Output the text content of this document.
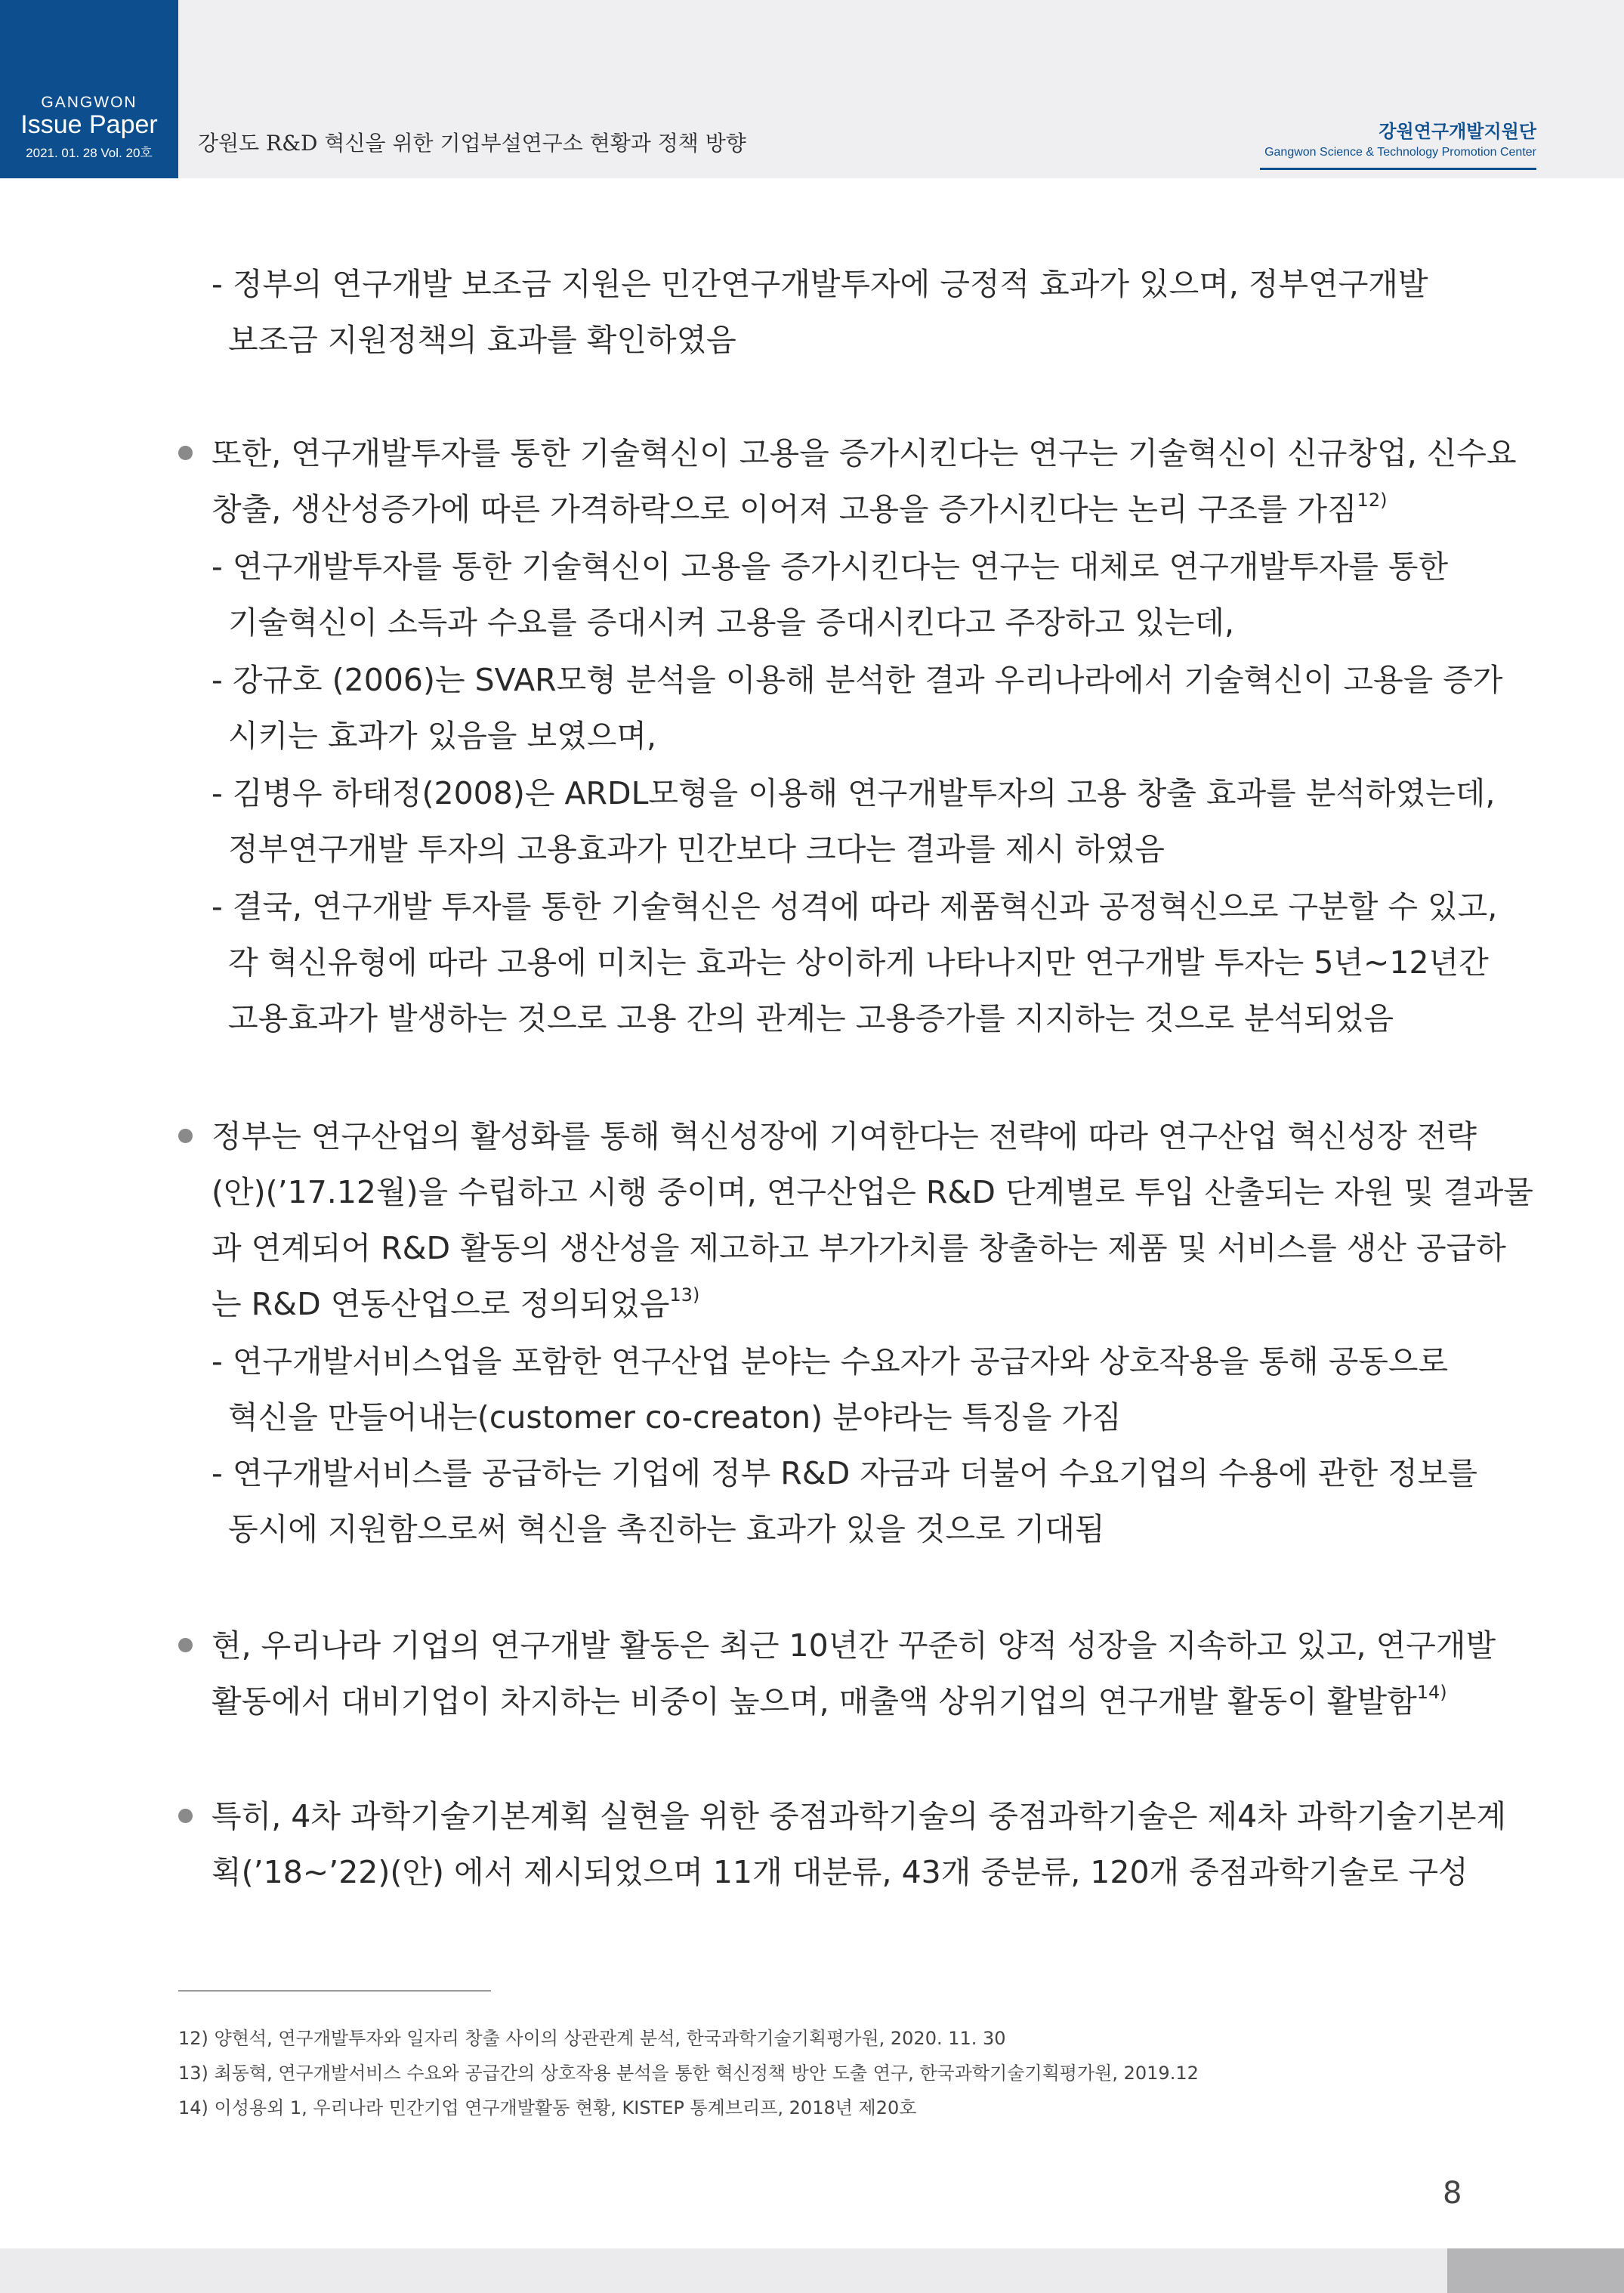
GANGWON
Issue Paper
2021. 01. 28 Vol. 20호	강원도 R&D 혁신을 위한 기업부설연구소 현황과 정책 방향	강원연구개발지원단
Gangwon Science & Technology Promotion Center
- 정부의 연구개발 보조금 지원은 민간연구개발투자에 긍정적 효과가 있으며, 정부연구개발
보조금 지원정책의 효과를 확인하였음
또한, 연구개발투자를 통한 기술혁신이 고용을 증가시킨다는 연구는 기술혁신이 신규창업, 신수요
창출, 생산성증가에 따른 가격하락으로 이어져 고용을 증가시킨다는 논리 구조를 가짐$^{12)}$
- 연구개발투자를 통한 기술혁신이 고용을 증가시킨다는 연구는 대체로 연구개발투자를 통한
기술혁신이 소득과 수요를 증대시켜 고용을 증대시킨다고 주장하고 있는데,
- 강규호 (2006)는 SVAR모형 분석을 이용해 분석한 결과 우리나라에서 기술혁신이 고용을 증가
시키는 효과가 있음을 보였으며,
- 김병우 하태정(2008)은 ARDL모형을 이용해 연구개발투자의 고용 창출 효과를 분석하였는데,
정부연구개발 투자의 고용효과가 민간보다 크다는 결과를 제시 하였음
- 결국, 연구개발 투자를 통한 기술혁신은 성격에 따라 제품혁신과 공정혁신으로 구분할 수 있고,
각 혁신유형에 따라 고용에 미치는 효과는 상이하게 나타나지만 연구개발 투자는 5년~12년간
고용효과가 발생하는 것으로 고용 간의 관계는 고용증가를 지지하는 것으로 분석되었음
정부는 연구산업의 활성화를 통해 혁신성장에 기여한다는 전략에 따라 연구산업 혁신성장 전략
(안)(’17.12월)을 수립하고 시행 중이며, 연구산업은 R&D 단계별로 투입 산출되는 자원 및 결과물
과 연계되어 R&D 활동의 생산성을 제고하고 부가가치를 창출하는 제품 및 서비스를 생산 공급하
는 R&D 연동산업으로 정의되었음$^{13)}$
- 연구개발서비스업을 포함한 연구산업 분야는 수요자가 공급자와 상호작용을 통해 공동으로
혁신을 만들어내는(customer co-creaton) 분야라는 특징을 가짐
- 연구개발서비스를 공급하는 기업에 정부 R&D 자금과 더불어 수요기업의 수용에 관한 정보를
동시에 지원함으로써 혁신을 촉진하는 효과가 있을 것으로 기대됨
현, 우리나라 기업의 연구개발 활동은 최근 10년간 꾸준히 양적 성장을 지속하고 있고, 연구개발
활동에서 대비기업이 차지하는 비중이 높으며, 매출액 상위기업의 연구개발 활동이 활발함$^{14)}$
특히, 4차 과학기술기본계획 실현을 위한 중점과학기술의 중점과학기술은 제4차 과학기술기본계
획(’18~’22)(안) 에서 제시되었으며 11개 대분류, 43개 중분류, 120개 중점과학기술로 구성
12) 양현석, 연구개발투자와 일자리 창출 사이의 상관관계 분석, 한국과학기술기획평가원, 2020. 11. 30
13) 최동혁, 연구개발서비스 수요와 공급간의 상호작용 분석을 통한 혁신정책 방안 도출 연구, 한국과학기술기획평가원, 2019.12
14) 이성용외 1, 우리나라 민간기업 연구개발활동 현황, KISTEP 통계브리프, 2018년 제20호
8
